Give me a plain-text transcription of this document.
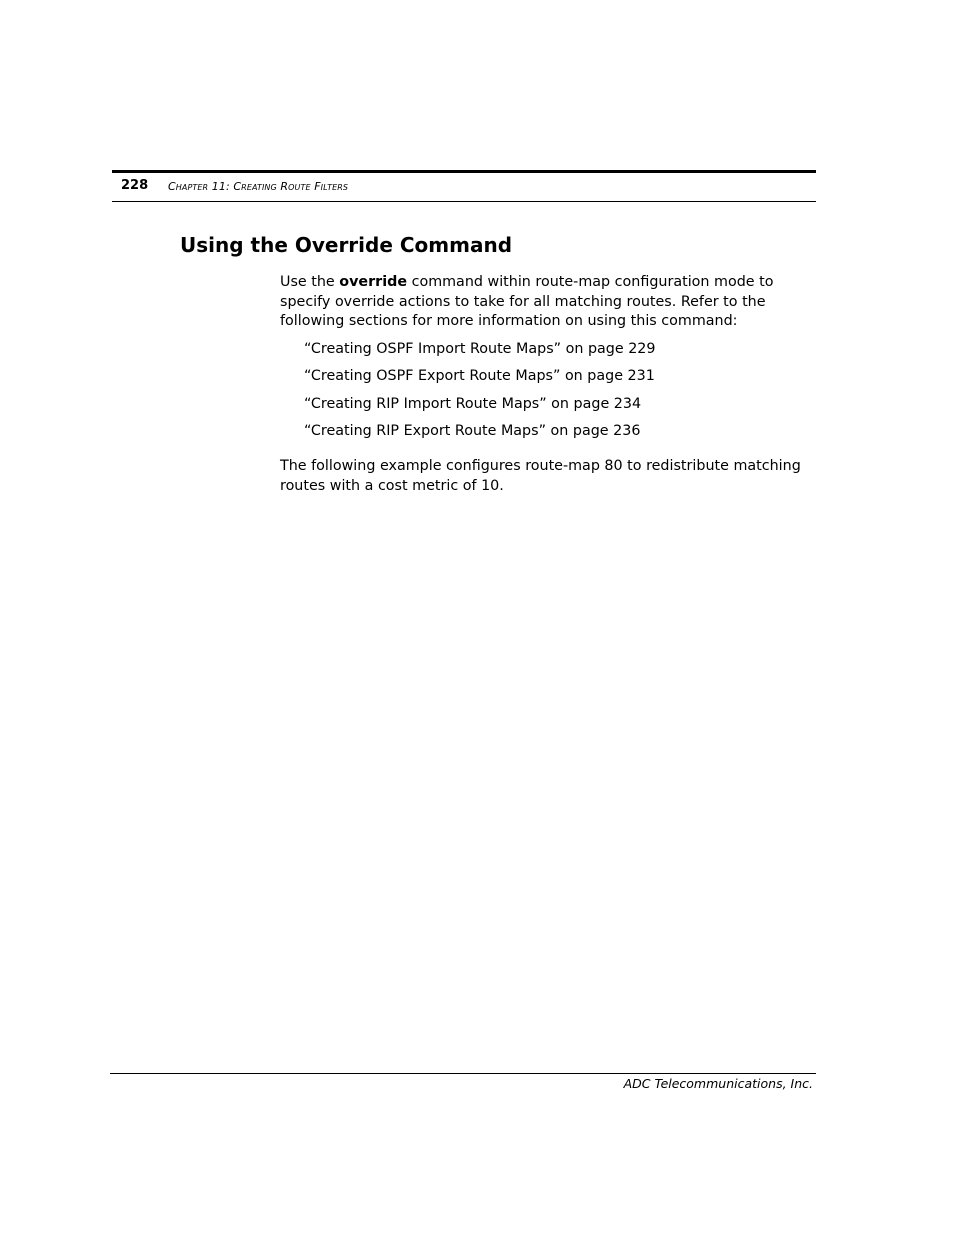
228 Chapter 11: Creating Route Filters
Using the Override Command

Use the override command within route-map configuration mode to specify override actions to take for all matching routes. Refer to the following sections for more information on using this command:

“Creating OSPF Import Route Maps” on page 229
“Creating OSPF Export Route Maps” on page 231
“Creating RIP Import Route Maps” on page 234
“Creating RIP Export Route Maps” on page 236

The following example configures route-map 80 to redistribute matching routes with a cost metric of 10.

ADC Telecommunications, Inc.
